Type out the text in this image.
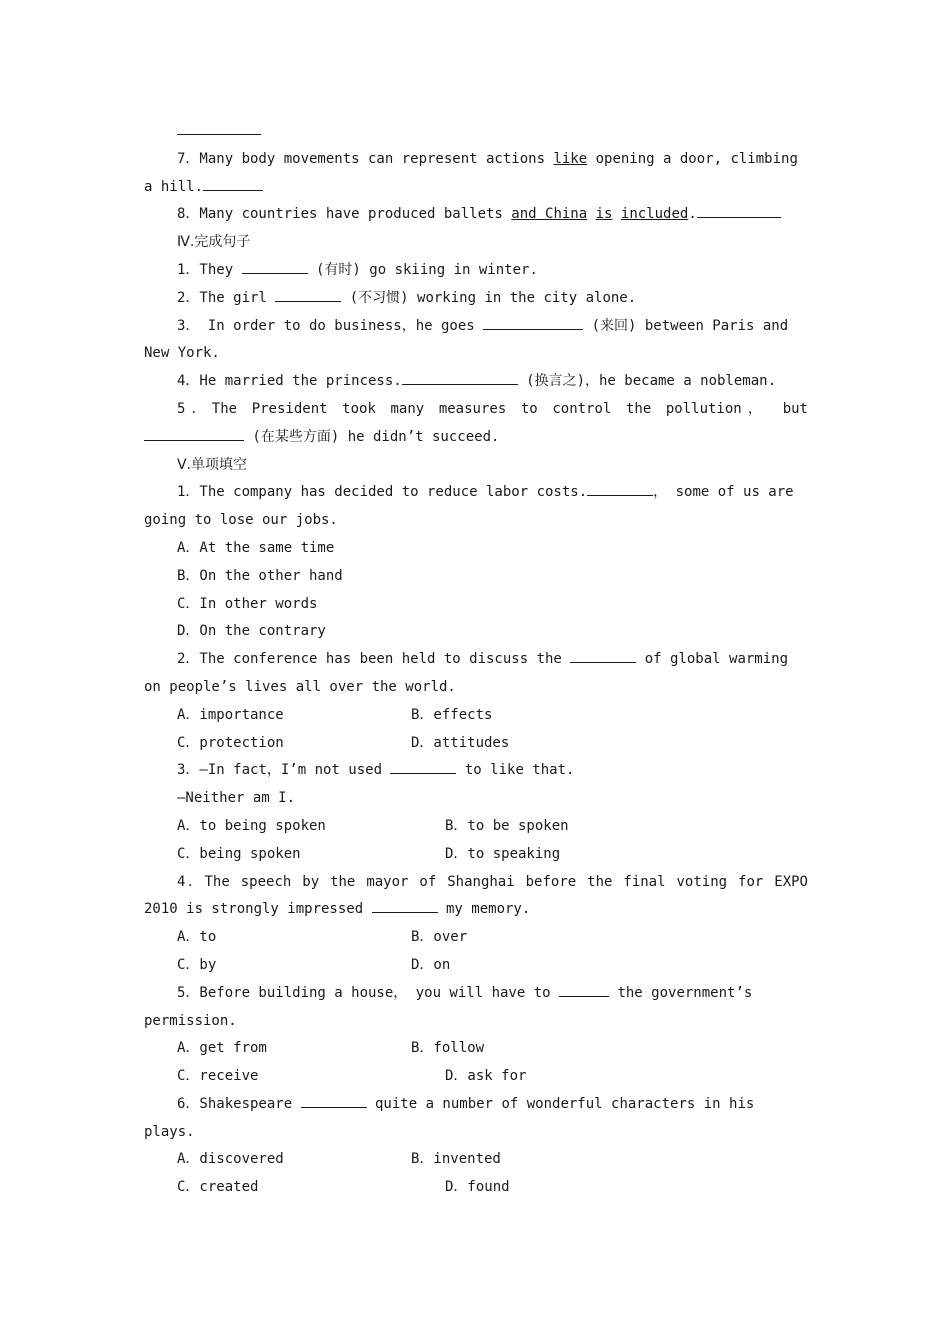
7．Many body movements can represent actions like opening a door, climbing
a hill.
8．Many countries have produced ballets and China is included.
Ⅳ.完成句子
1．They	(有时) go skiing in winter.
2．The girl	(不习惯) working in the city alone.
3． In order to do business，he goes	(来回) between Paris and
New York.
4．He married the princess.	(换言之)，he became a nobleman.
5．The President took many measures to control the pollution， but
(在某些方面) he didn’t succeed.
Ⅴ.单项填空
1．The company has decided to reduce labor costs.	， some of us are
going to lose our jobs.
A．At the same time
B．On the other hand
C．In other words
D．On the contrary
2．The conference has been held to discuss the	of global warming
on people’s lives all over the world.
A．importance	B．effects
C．protection	D．attitudes
3．—In fact，I’m not used	to like that.
—Neither am I.
A．to being spoken	B．to be spoken
C．being spoken	D．to speaking
4．The speech by the mayor of Shanghai before the final voting for EXPO
2010 is strongly impressed	my memory.
A．to	B．over
C．by	D．on
5．Before building a house， you will have to	the government’s
permission.
A．get from	B．follow
C．receive	D．ask for
6．Shakespeare	quite a number of wonderful characters in his
plays.
A．discovered	B．invented
C．created	D．found
